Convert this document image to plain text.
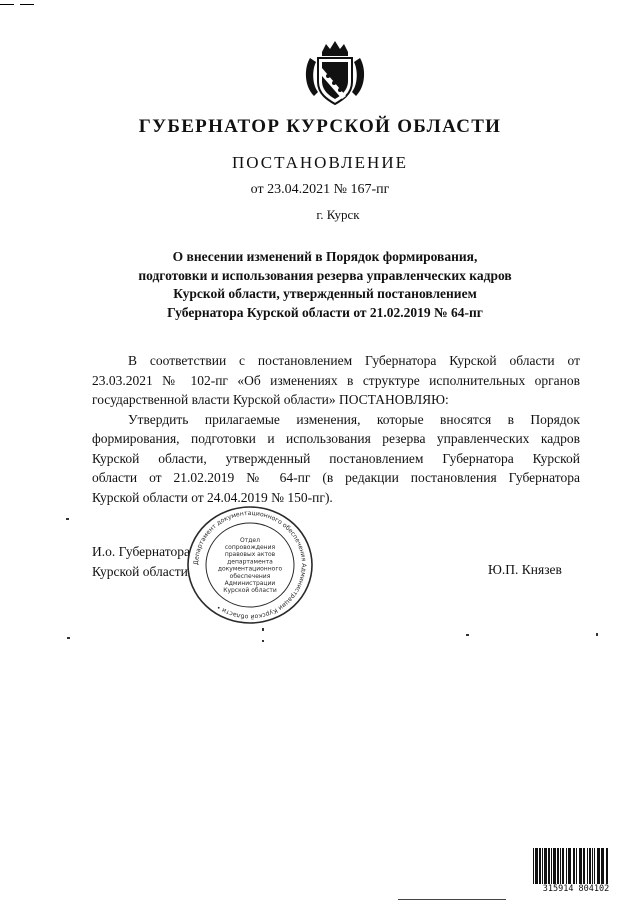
ГУБЕРНАТОР КУРСКОЙ ОБЛАСТИ
ПОСТАНОВЛЕНИЕ
от 23.04.2021 № 167-пг
г. Курск
О внесении изменений в Порядок формирования,
подготовки и использования резерва управленческих кадров
Курской области, утвержденный постановлением
Губернатора Курской области от 21.02.2019 № 64-пг
В соответствии с постановлением Губернатора Курской области от
23.03.2021 № 102-пг «Об изменениях в структуре исполнительных органов
государственной власти Курской области» ПОСТАНОВЛЯЮ:
Утвердить прилагаемые изменения, которые вносятся в Порядок
формирования, подготовки и использования резерва управленческих кадров
Курской области, утвержденный постановлением Губернатора Курской
области от 21.02.2019 № 64-пг (в редакции постановления Губернатора
Курской области от 24.04.2019 № 150-пг).
И.о. Губернатора
Курской области	Ю.П. Князев
Департамент документационного обеспечения Администрации Курской области •
Отдел
сопровождения
правовых актов
департамента
документационного
обеспечения
Администрации
Курской области
315914 804102
